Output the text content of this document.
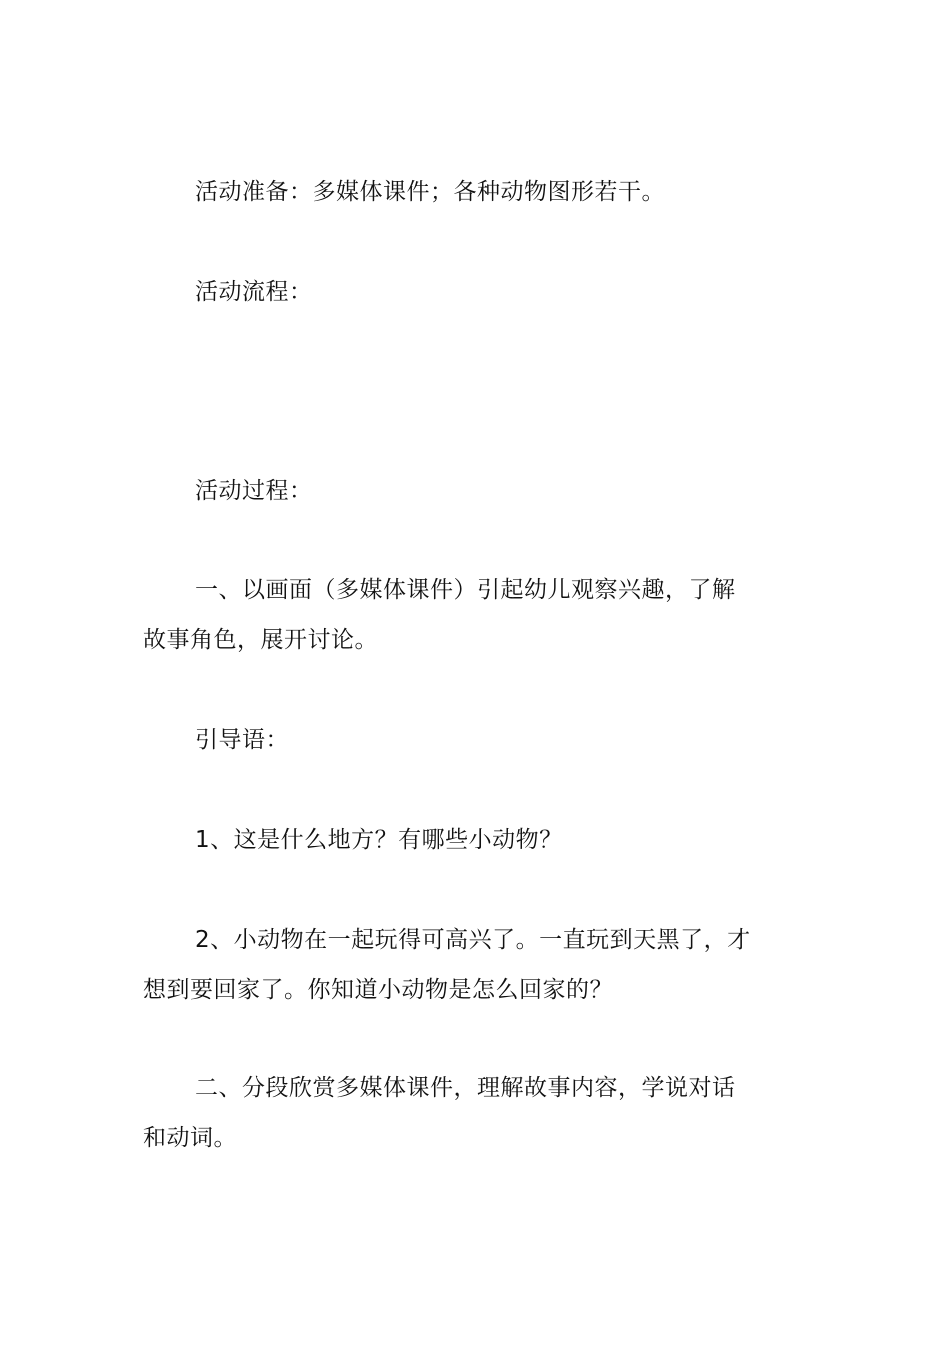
活动准备：多媒体课件；各种动物图形若干。

活动流程：

活动过程：

一、以画面（多媒体课件）引起幼儿观察兴趣，了解故事角色，展开讨论。

引导语：

1、这是什么地方？有哪些小动物？

2、小动物在一起玩得可高兴了。一直玩到天黑了，才想到要回家了。你知道小动物是怎么回家的？

二、分段欣赏多媒体课件，理解故事内容，学说对话和动词。
